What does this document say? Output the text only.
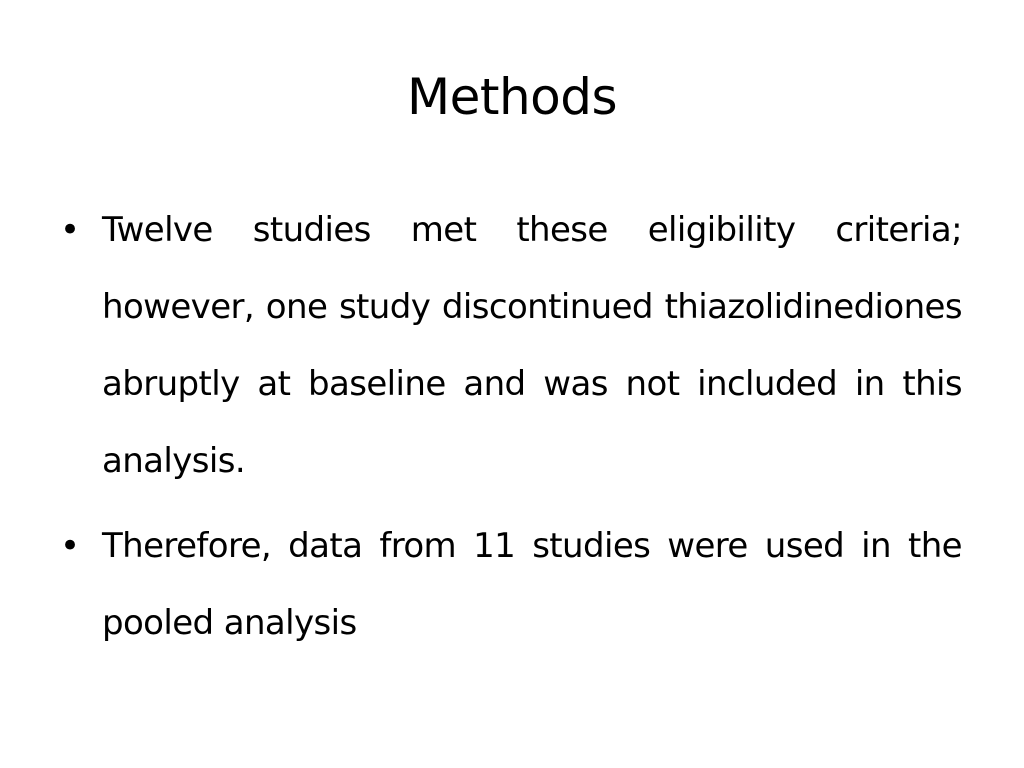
Methods
• Twelve studies met these eligibility criteria; however, one study discontinued thiazolidinediones abruptly at baseline and was not included in this analysis.
• Therefore, data from 11 studies were used in the pooled analysis
